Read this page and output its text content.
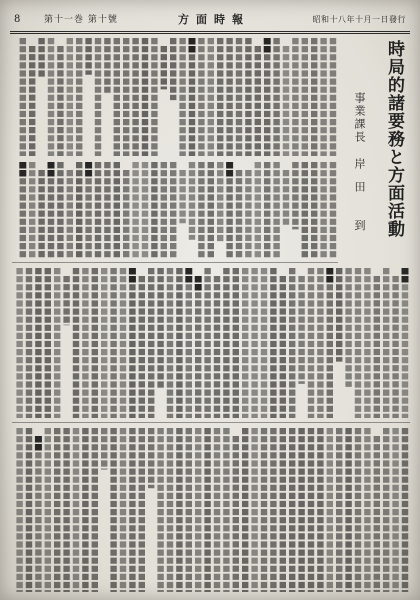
8	第十一巻 第十號	方面時報	昭和十八年十月一日發行
時局的諸要務と方面活動
事業課長
岸田 到
